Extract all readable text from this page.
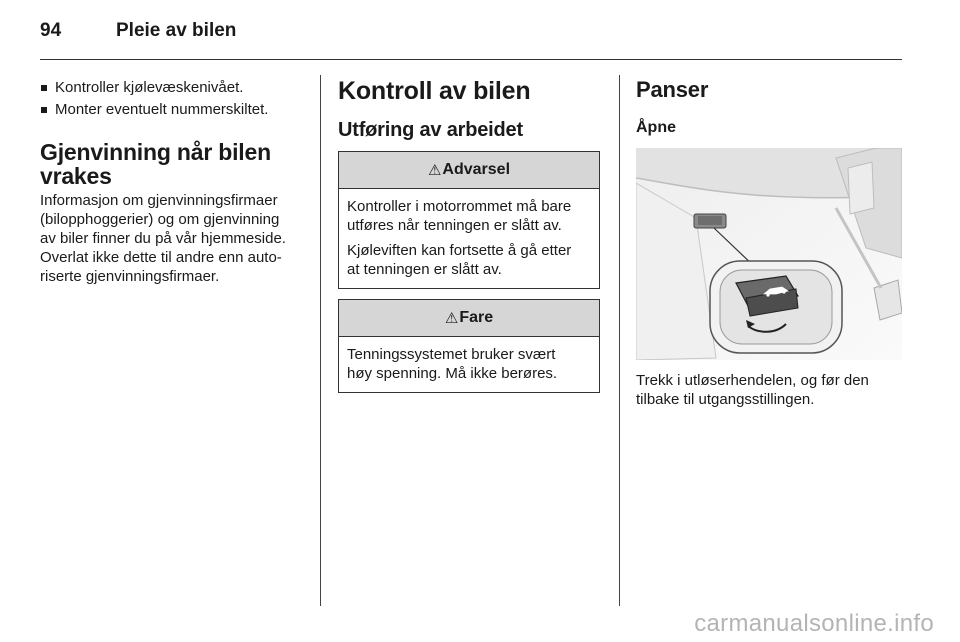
94	Pleie av bilen
Kontroller kjølevæskenivået.
Monter eventuelt nummerskiltet.
Gjenvinning når bilen
vrakes

Informasjon om gjenvinningsfirmaer
(bilopphoggerier) og om gjenvinning
av biler finner du på vår hjemmeside.
Overlat ikke dette til andre enn auto-
riserte gjenvinningsfirmaer.

Kontroll av bilen
Utføring av arbeidet
⚠ Advarsel

Kontroller i motorrommet må bare
utføres når tenningen er slått av.

Kjøleviften kan fortsette å gå etter
at tenningen er slått av.

⚠ Fare

Tenningssystemet bruker svært
høy spenning. Må ikke berøres.

Panser
Åpne

Trekk i utløserhendelen, og før den
tilbake til utgangsstillingen.

carmanualsonline.info
